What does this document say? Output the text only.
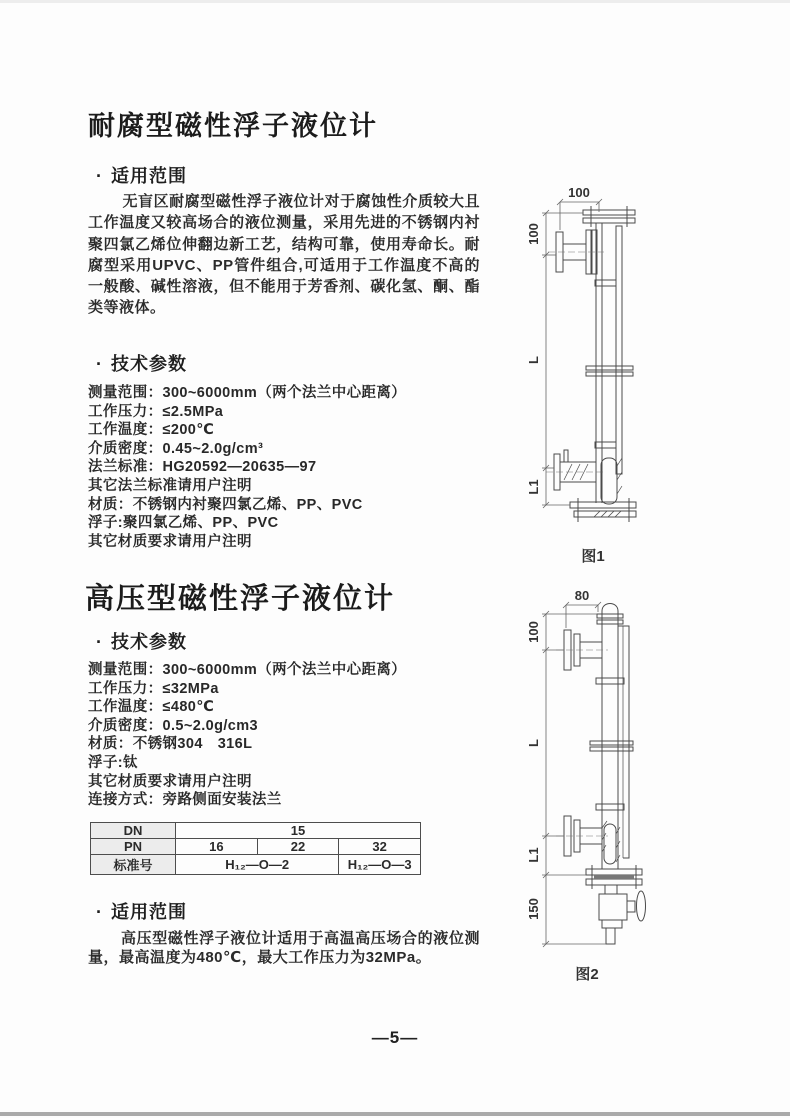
耐腐型磁性浮子液位计
· 适用范围
无盲区耐腐型磁性浮子液位计对于腐蚀性介质较大且工作温度又较高场合的液位测量，采用先进的不锈钢内衬聚四氯乙烯位伸翻边新工艺，结构可靠，使用寿命长。耐腐型采用UPVC、PP管件组合,可适用于工作温度不高的一般酸、碱性溶液，但不能用于芳香剂、碳化氢、酮、酯类等液体。
· 技术参数
测量范围：300~6000mm（两个法兰中心距离）
工作压力：≤2.5MPa
工作温度：≤200℃
介质密度：0.45~2.0g/cm³
法兰标准：HG20592—20635—97
其它法兰标准请用户注明
材质：不锈钢内衬聚四氯乙烯、PP、PVC
浮子:聚四氯乙烯、PP、PVC
其它材质要求请用户注明
高压型磁性浮子液位计
· 技术参数
测量范围：300~6000mm（两个法兰中心距离）
工作压力：≤32MPa
工作温度：≤480℃
介质密度：0.5~2.0g/cm3
材质：不锈钢304　316L
浮子:钛
其它材质要求请用户注明
连接方式：旁路侧面安装法兰
DN	15		
PN	16	22	32
标准号	H₁₂—O—2		H₁₂—O—3
· 适用范围
高压型磁性浮子液位计适用于高温高压场合的液位测量，最高温度为480℃，最大工作压力为32MPa。
100
100
L
L1
图1
80
100
L
L1
150
图2
—5—
